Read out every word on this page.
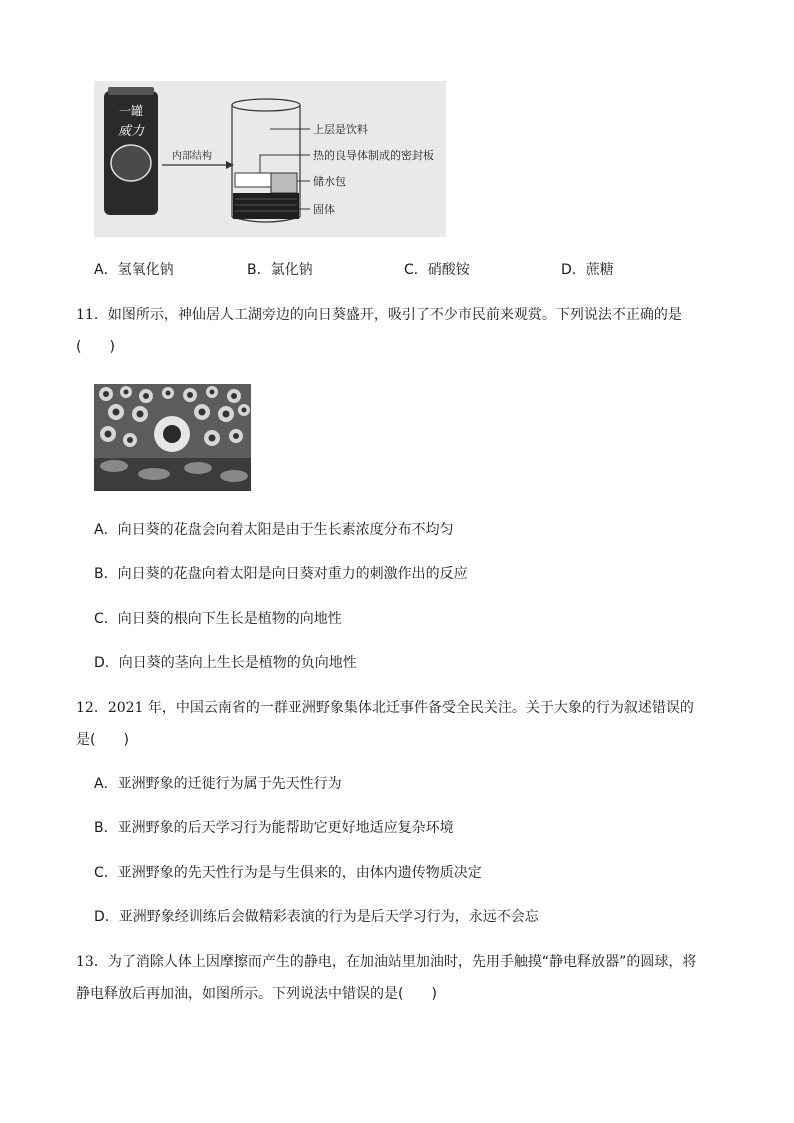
一罐
威力
内部结构
上层是饮料
热的良导体制成的密封板
储水包
固体
A．氢氧化钠	B．氯化钠	C．硝酸铵	D．蔗糖
11．如图所示，神仙居人工湖旁边的向日葵盛开，吸引了不少市民前来观赏。下列说法不正确的是
(　　)
A．向日葵的花盘会向着太阳是由于生长素浓度分布不均匀
B．向日葵的花盘向着太阳是向日葵对重力的刺激作出的反应
C．向日葵的根向下生长是植物的向地性
D．向日葵的茎向上生长是植物的负向地性
12．2021 年，中国云南省的一群亚洲野象集体北迁事件备受全民关注。关于大象的行为叙述错误的
是(　　)
A．亚洲野象的迁徙行为属于先天性行为
B．亚洲野象的后天学习行为能帮助它更好地适应复杂环境
C．亚洲野象的先天性行为是与生俱来的，由体内遗传物质决定
D．亚洲野象经训练后会做精彩表演的行为是后天学习行为，永远不会忘
13．为了消除人体上因摩擦而产生的静电，在加油站里加油时，先用手触摸“静电释放器”的圆球，将
静电释放后再加油，如图所示。下列说法中错误的是(　　)
